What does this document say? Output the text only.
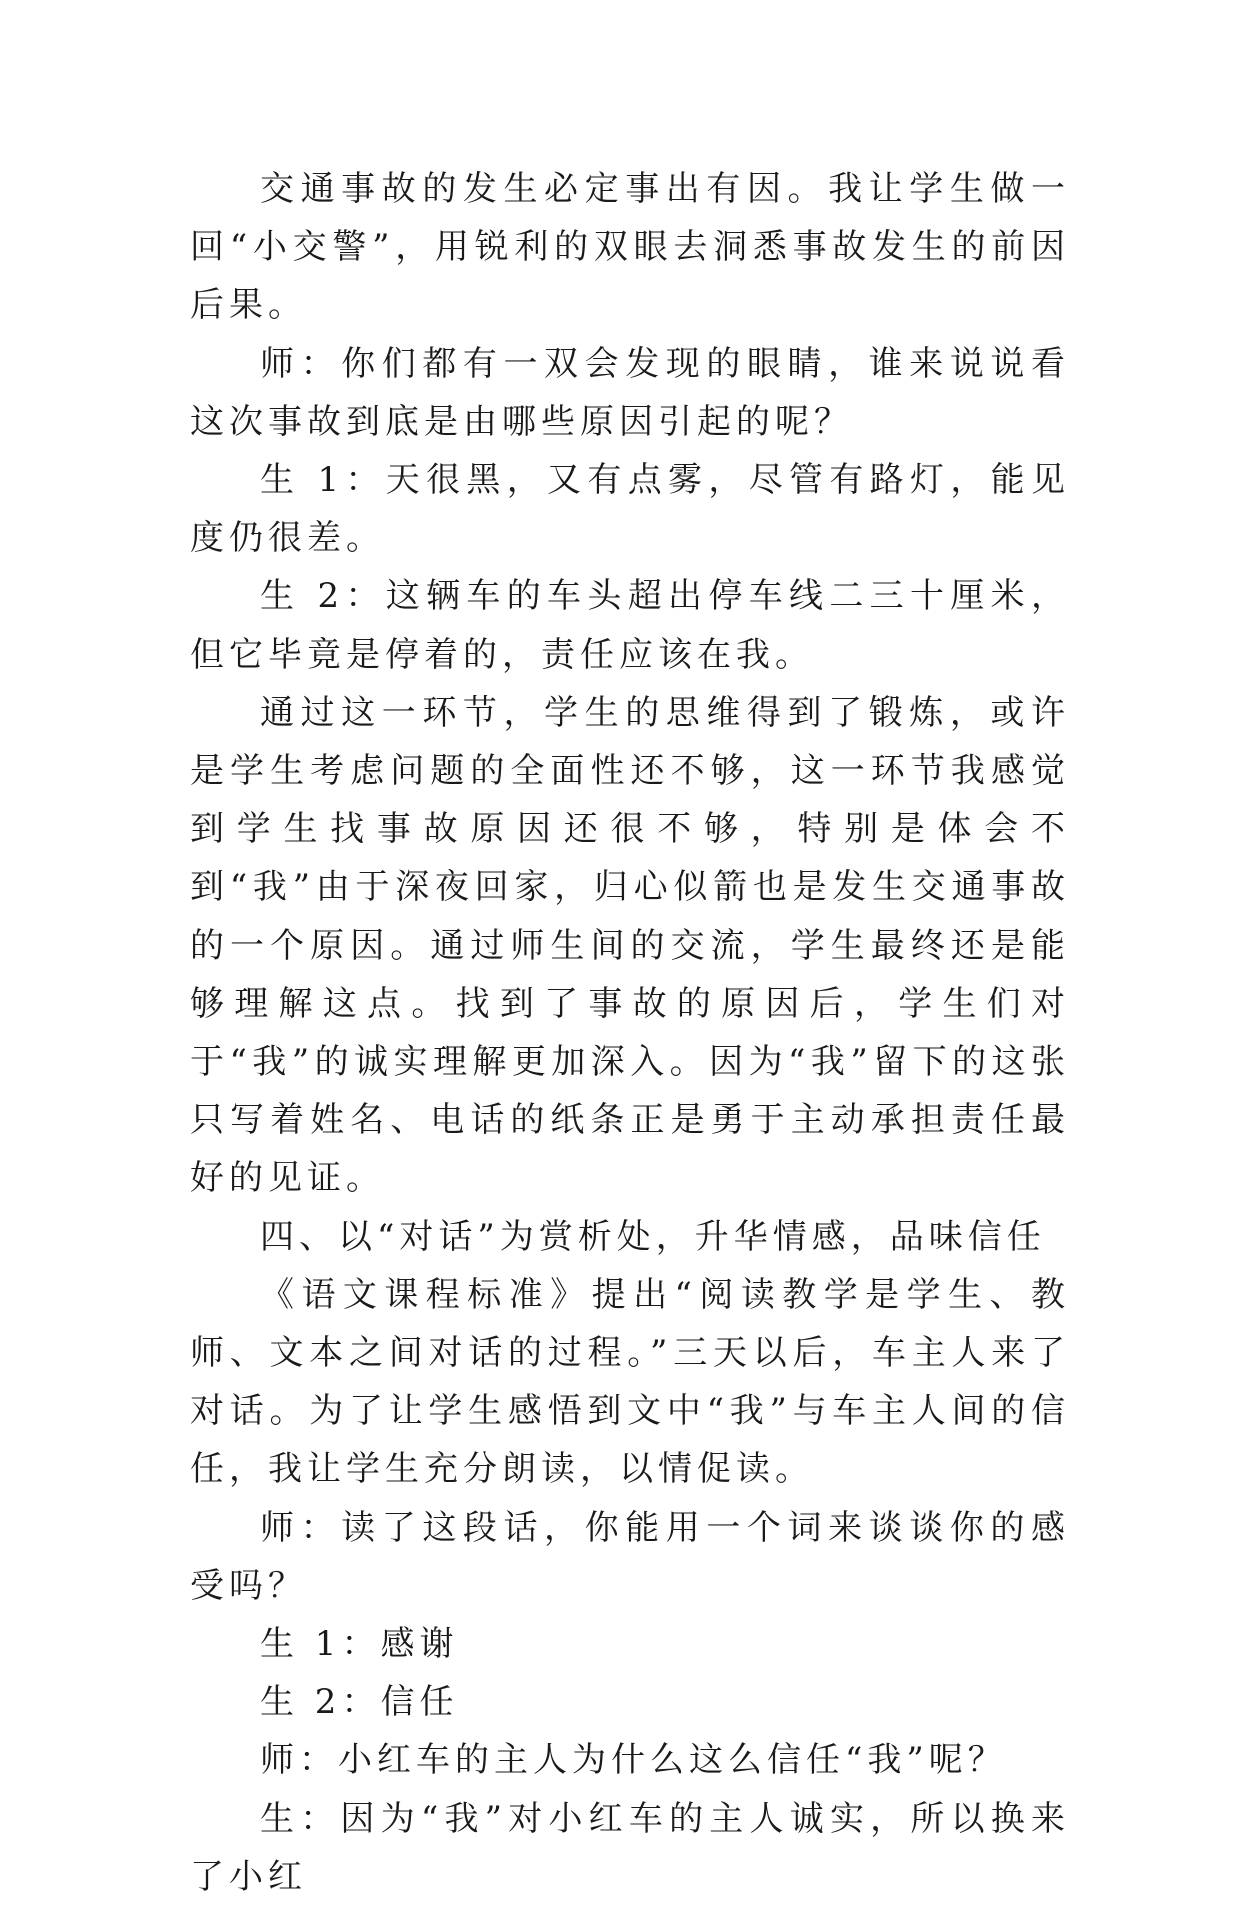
交通事故的发生必定事出有因。我让学生做一回“小交警”，用锐利的双眼去洞悉事故发生的前因后果。

师：你们都有一双会发现的眼睛，谁来说说看这次事故到底是由哪些原因引起的呢？

生 1：天很黑，又有点雾，尽管有路灯，能见度仍很差。

生 2：这辆车的车头超出停车线二三十厘米，但它毕竟是停着的，责任应该在我。

通过这一环节，学生的思维得到了锻炼，或许是学生考虑问题的全面性还不够，这一环节我感觉到学生找事故原因还很不够，特别是体会不到“我”由于深夜回家，归心似箭也是发生交通事故的一个原因。通过师生间的交流，学生最终还是能够理解这点。找到了事故的原因后，学生们对于“我”的诚实理解更加深入。因为“我”留下的这张只写着姓名、电话的纸条正是勇于主动承担责任最好的见证。

四、以“对话”为赏析处，升华情感，品味信任

《语文课程标准》提出“阅读教学是学生、教师、文本之间对话的过程。”三天以后，车主人来了对话。为了让学生感悟到文中“我”与车主人间的信任，我让学生充分朗读，以情促读。

师：读了这段话，你能用一个词来谈谈你的感受吗？

生 1：感谢

生 2：信任

师：小红车的主人为什么这么信任“我”呢？

生：因为“我”对小红车的主人诚实，所以换来了小红
